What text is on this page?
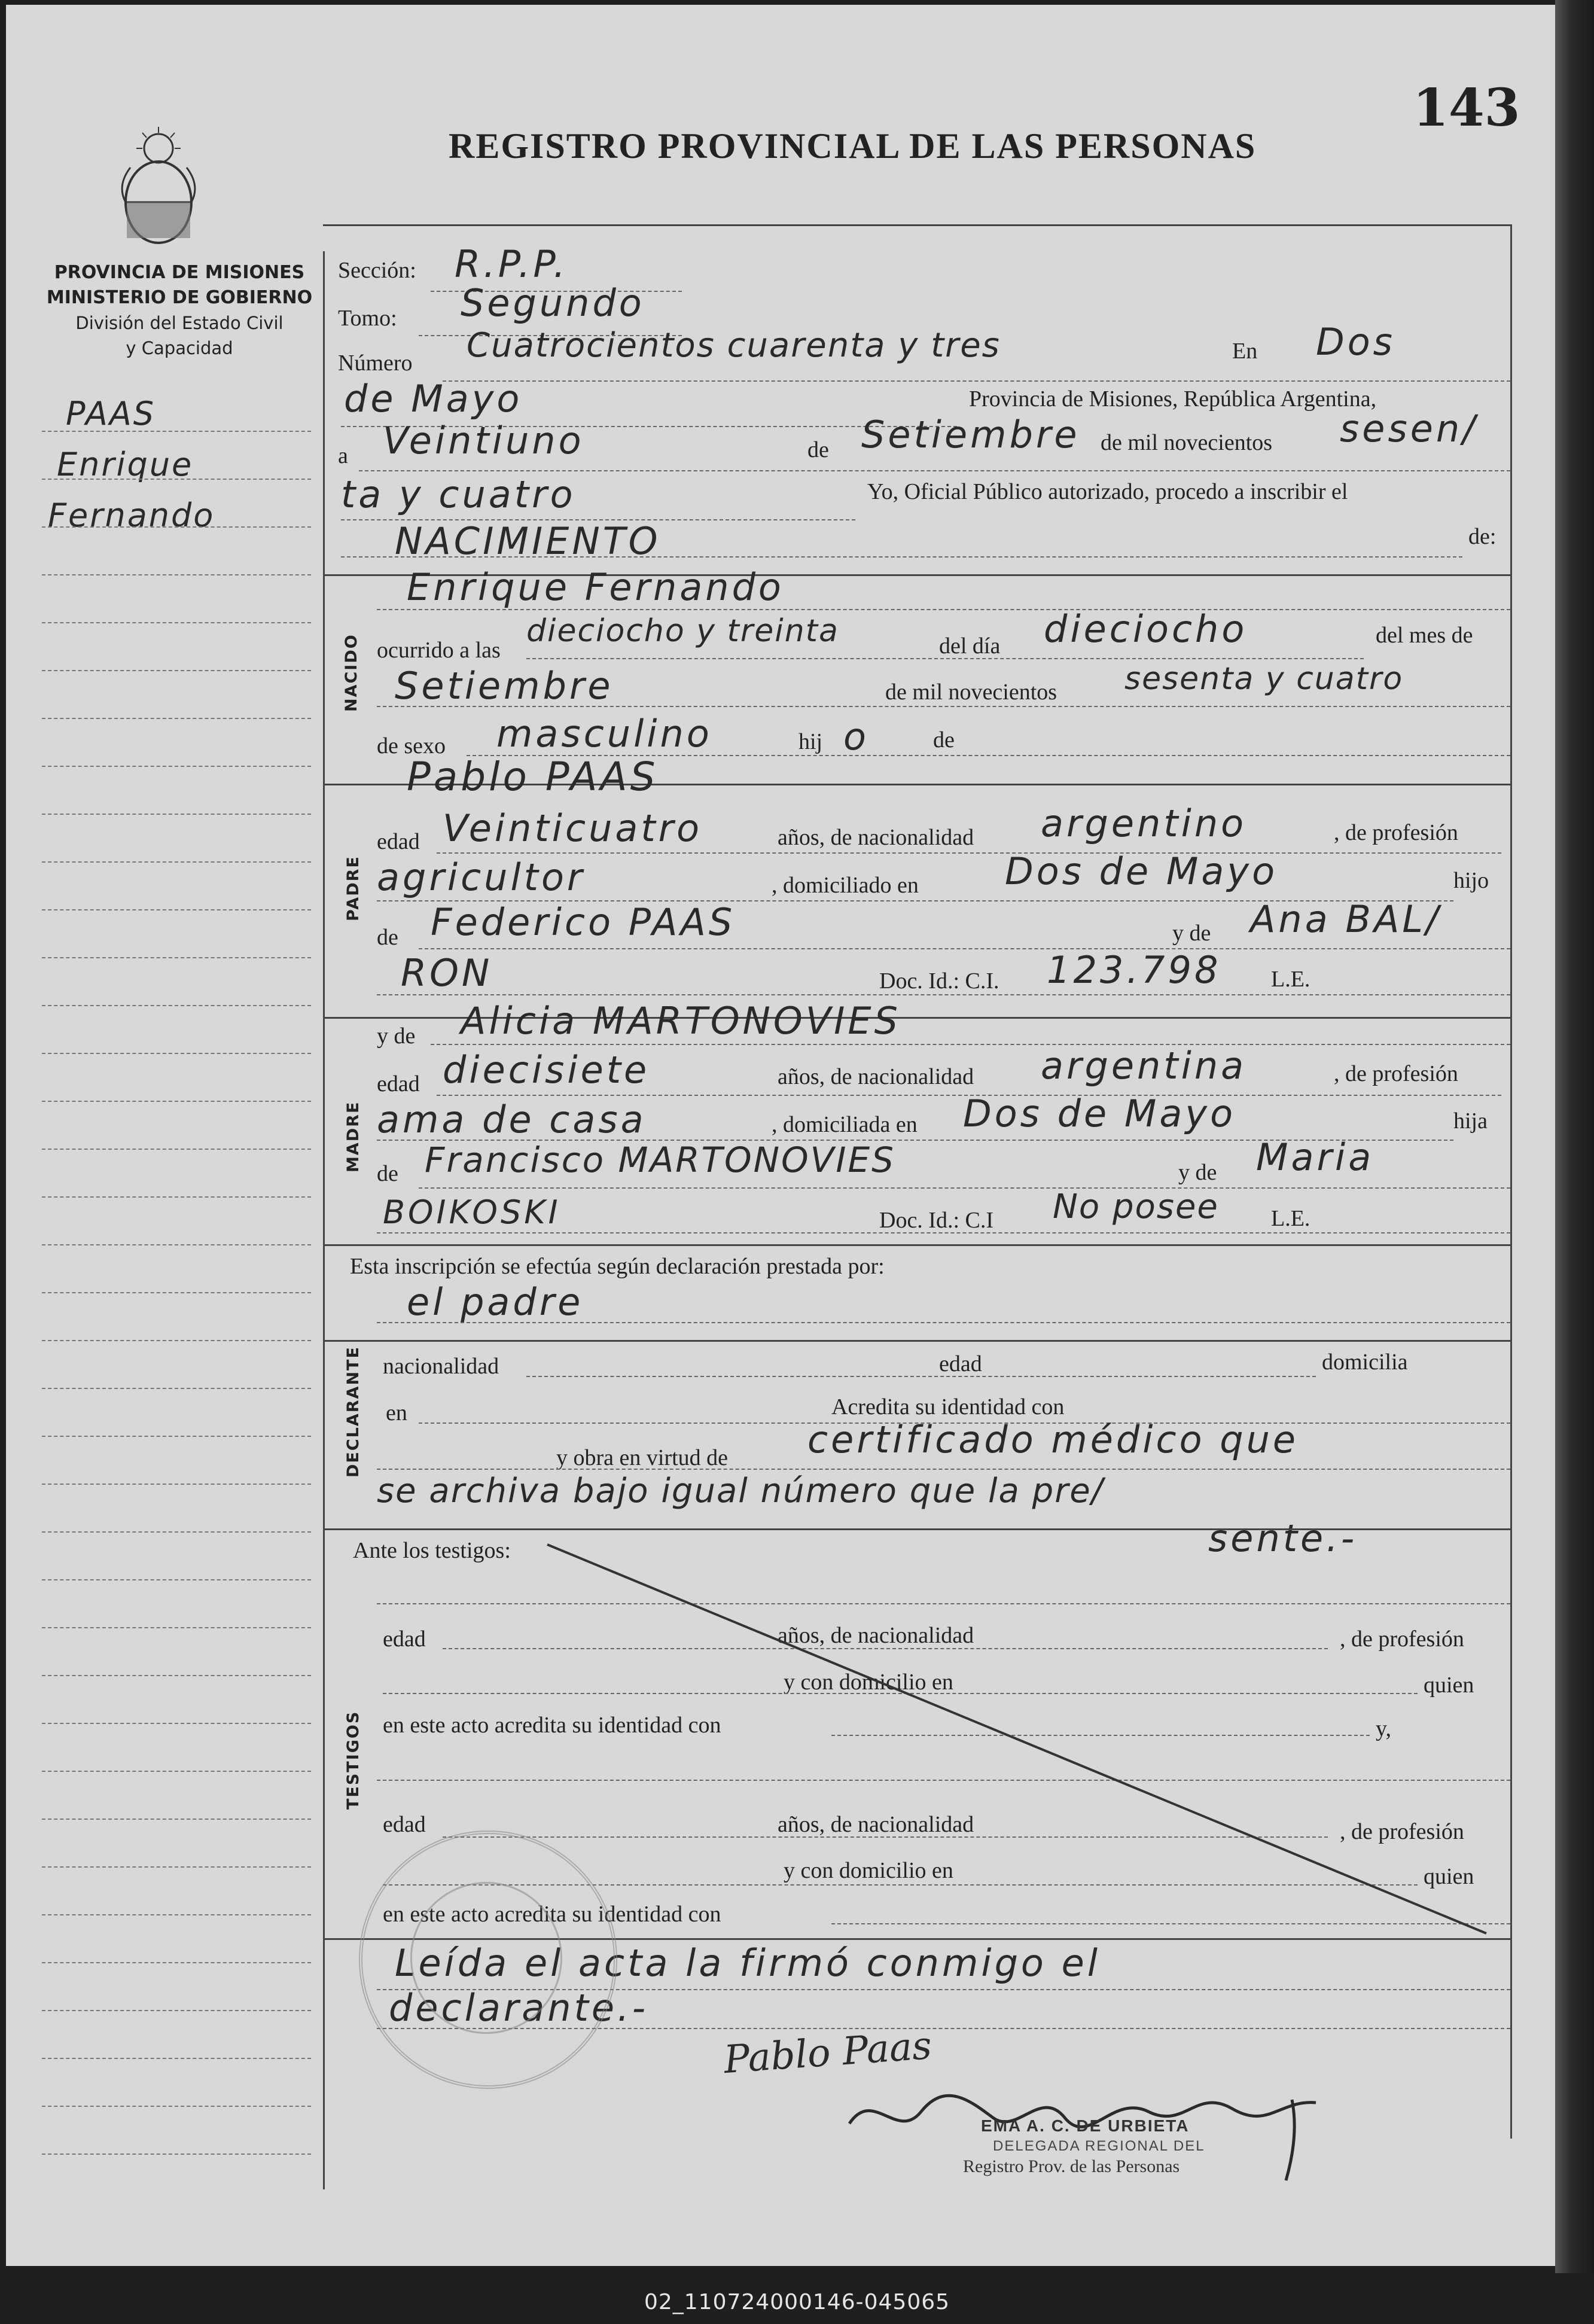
143
REGISTRO PROVINCIAL DE LAS PERSONAS
PROVINCIA DE MISIONES
MINISTERIO DE GOBIERNO
División del Estado Civil
y Capacidad
PAAS
Enrique
Fernando
Sección: R.P.P.
Tomo: Segundo
Número Cuatrocientos cuarenta y tres	En Dos
de Mayo	Provincia de Misiones, República Argentina,
a Veintiuno	de Setiembre de mil novecientos sesen/
ta y cuatro	Yo, Oficial Público autorizado, procedo a inscribir el
NACIMIENTO	de:
NACIDO
Enrique Fernando
ocurrido a las
dieciocho y treinta	del día dieciocho	del mes de
Setiembre	de mil novecientos sesenta y cuatro
de sexo masculino	hij o	de
Pablo PAAS
PADRE
edad Veinticuatro	años, de nacionalidad argentino	, de profesión
agricultor	, domiciliado en Dos de Mayo	hijo
de Federico PAAS	y de Ana BAL/
RON	Doc. Id.: C.I. 123.798 L.E.
y de Alicia MARTONOVIES
MADRE
edad diecisiete	años, de nacionalidad argentina	, de profesión
ama de casa	, domiciliada en Dos de Mayo	hija
de Francisco MARTONOVIES	y de Maria
BOIKOSKI	Doc. Id.: C.I No posee L.E.
Esta inscripción se efectúa según declaración prestada por:
el padre
DECLARANTE nacionalidad	edad	domicilia
en	Acredita su identidad con
y obra en virtud de certificado médico que
se archiva bajo igual número que la pre/
sente.-
Ante los testigos:
TESTIGOS
edad	años, de nacionalidad	, de profesión
y con domicilio en	quien
en este acto acredita su identidad con	y,
edad	años, de nacionalidad	, de profesión
y con domicilio en	quien
en este acto acredita su identidad con
Leída el acta la firmó conmigo el
declarante.-
Pablo Paas
EMA A. C. DE URBIETA
DELEGADA REGIONAL DEL
Registro Prov. de las Personas
02_110724000146-045065
